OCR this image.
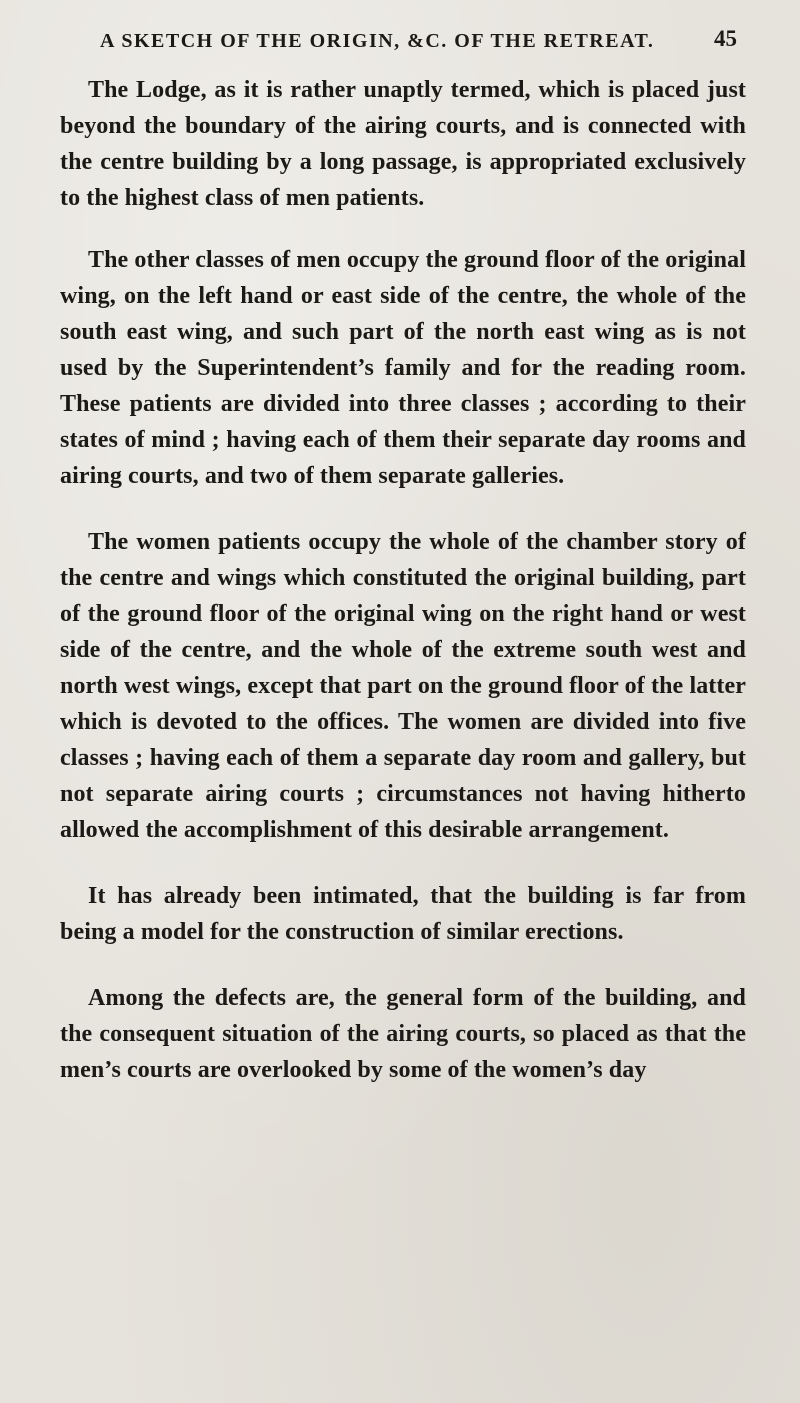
A SKETCH OF THE ORIGIN, &C. OF THE RETREAT.	45

The Lodge, as it is rather unaptly termed, which is placed just beyond the boundary of the airing courts, and is connected with the centre building by a long passage, is appropriated exclusively to the highest class of men patients.

The other classes of men occupy the ground floor of the original wing, on the left hand or east side of the centre, the whole of the south east wing, and such part of the north east wing as is not used by the Superintendent’s family and for the reading room. These patients are divided into three classes ; according to their states of mind ; having each of them their separate day rooms and airing courts, and two of them separate galleries.

The women patients occupy the whole of the chamber story of the centre and wings which constituted the original building, part of the ground floor of the original wing on the right hand or west side of the centre, and the whole of the extreme south west and north west wings, except that part on the ground floor of the latter which is devoted to the offices. The women are divided into five classes ; having each of them a separate day room and gallery, but not separate airing courts ; circumstances not having hitherto allowed the accomplishment of this desirable arrangement.

It has already been intimated, that the building is far from being a model for the construction of similar erections.

Among the defects are, the general form of the building, and the consequent situation of the airing courts, so placed as that the men’s courts are overlooked by some of the women’s day
